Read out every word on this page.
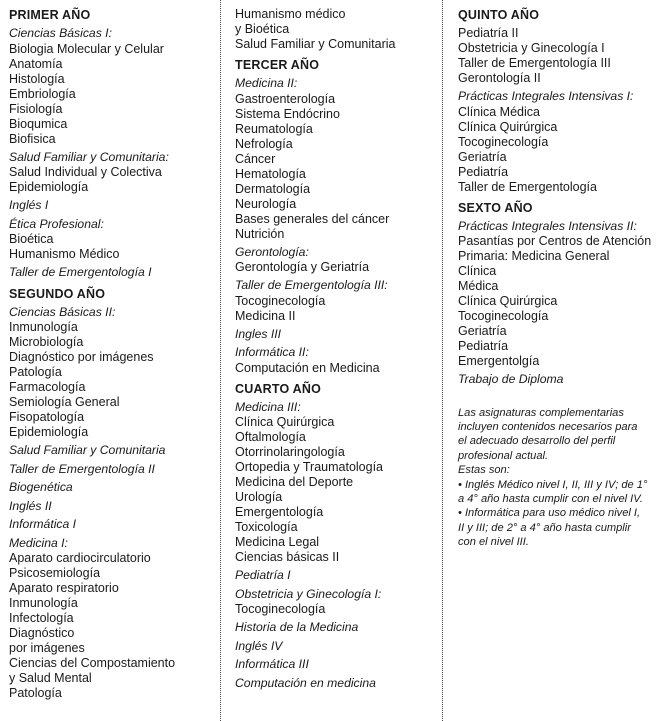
PRIMER AÑO
Ciencias Básicas I:
Biologia Molecular y Celular
Anatomía
Histología
Embriología
Fisiología
Bioqumica
Biofisica
Salud Familiar y Comunitaria:
Salud Individual y Colectiva
Epidemiología
Inglés I
Ética Profesional:
Bioética
Humanismo Médico
Taller de Emergentología I
SEGUNDO AÑO
Ciencias Básicas II:
Inmunología
Microbiología
Diagnóstico por imágenes
Patología
Farmacología
Semiología General
Fisopatología
Epidemiología
Salud Familiar y Comunitaria
Taller de Emergentología II
Biogenética
Inglés II
Informática I
Medicina I:
Aparato cardiocirculatorio
Psicosemiología
Aparato respiratorio
Inmunología
Infectología
Diagnóstico
por imágenes
Ciencias del Compostamiento
y Salud Mental
Patología
Humanismo médico
y Bioética
Salud Familiar y Comunitaria
TERCER AÑO
Medicina II:
Gastroenterología
Sistema Endócrino
Reumatología
Nefrología
Cáncer
Hematología
Dermatología
Neurología
Bases generales del cáncer
Nutrición
Gerontología:
Gerontología y Geriatría
Taller de Emergentología III:
Tocoginecología
Medicina II
Ingles III
Informática II:
Computación en Medicina
CUARTO AÑO
Medicina III:
Clínica Quirúrgica
Oftalmología
Otorrinolaringología
Ortopedia y Traumatología
Medicina del Deporte
Urología
Emergentología
Toxicología
Medicina Legal
Ciencias básicas II
Pediatría I
Obstetricia y Ginecología I:
Tocoginecología
Historia de la Medicina
Inglés IV
Informática III
Computación en medicina
QUINTO AÑO
Pediatría II
Obstetricia y Ginecología I
Taller de Emergentología III
Gerontología II
Prácticas Integrales Intensivas I:
Clínica Médica
Clínica Quirúrgica
Tocoginecología
Geriatría
Pediatría
Taller de Emergentología
SEXTO AÑO
Prácticas Integrales Intensivas II:
Pasantías por Centros de Atención
Primaria: Medicina General
Clínica
Médica
Clínica Quirúrgica
Tocoginecología
Geriatría
Pediatría
Emergentolgía
Trabajo de Diploma
Las asignaturas complementarias
incluyen contenidos necesarios para
el adecuado desarrollo del perfil
profesional actual.
Estas son:
• Inglés Médico nivel I, II, III y IV; de 1°
a 4° año hasta cumplir con el nivel IV.
• Informática para uso médico nivel I,
II y III; de 2° a 4° año hasta cumplir
con el nivel III.
